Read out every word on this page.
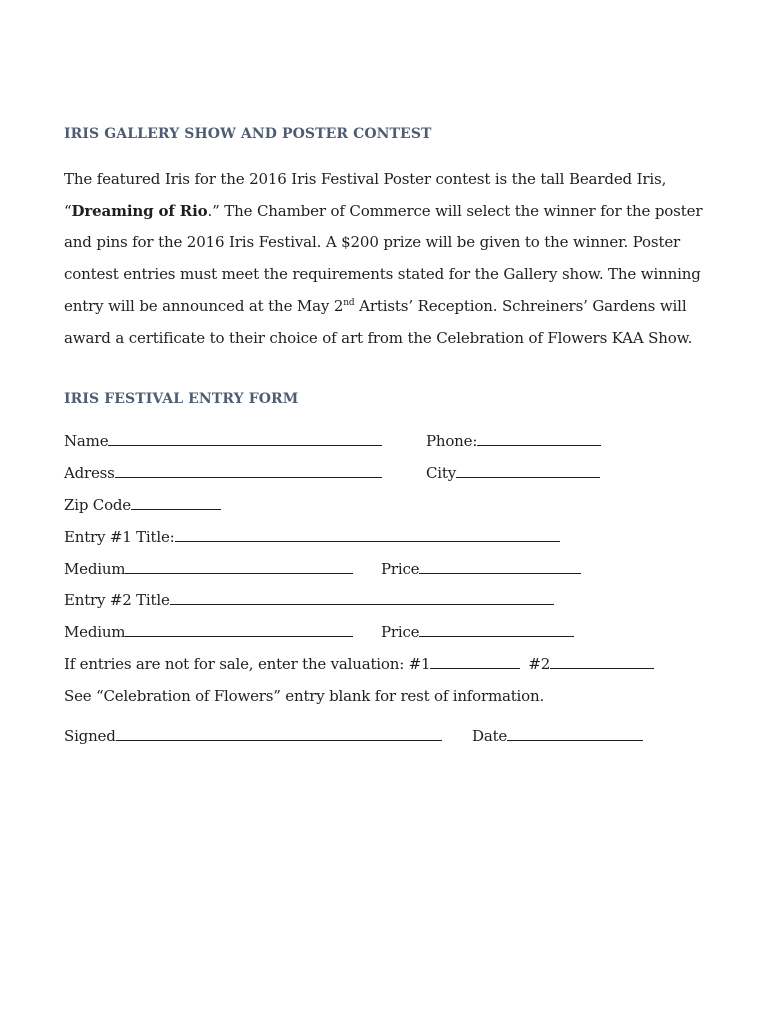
IRIS GALLERY SHOW AND POSTER CONTEST
The featured Iris for the 2016 Iris Festival Poster contest is the tall Bearded Iris,
“Dreaming of Rio.” The Chamber of Commerce will select the winner for the poster
and pins for the 2016 Iris Festival. A $200 prize will be given to the winner. Poster
contest entries must meet the requirements stated for the Gallery show. The winning
entry will be announced at the May 2nd Artists’ Reception. Schreiners’ Gardens will
award a certificate to their choice of art from the Celebration of Flowers KAA Show.
IRIS FESTIVAL ENTRY FORM
Name	Phone:
Adress	City
Zip Code
Entry #1 Title:
Medium	Price
Entry #2 Title
Medium	Price
If entries are not for sale, enter the valuation: #1	#2
See “Celebration of Flowers” entry blank for rest of information.
Signed	Date
